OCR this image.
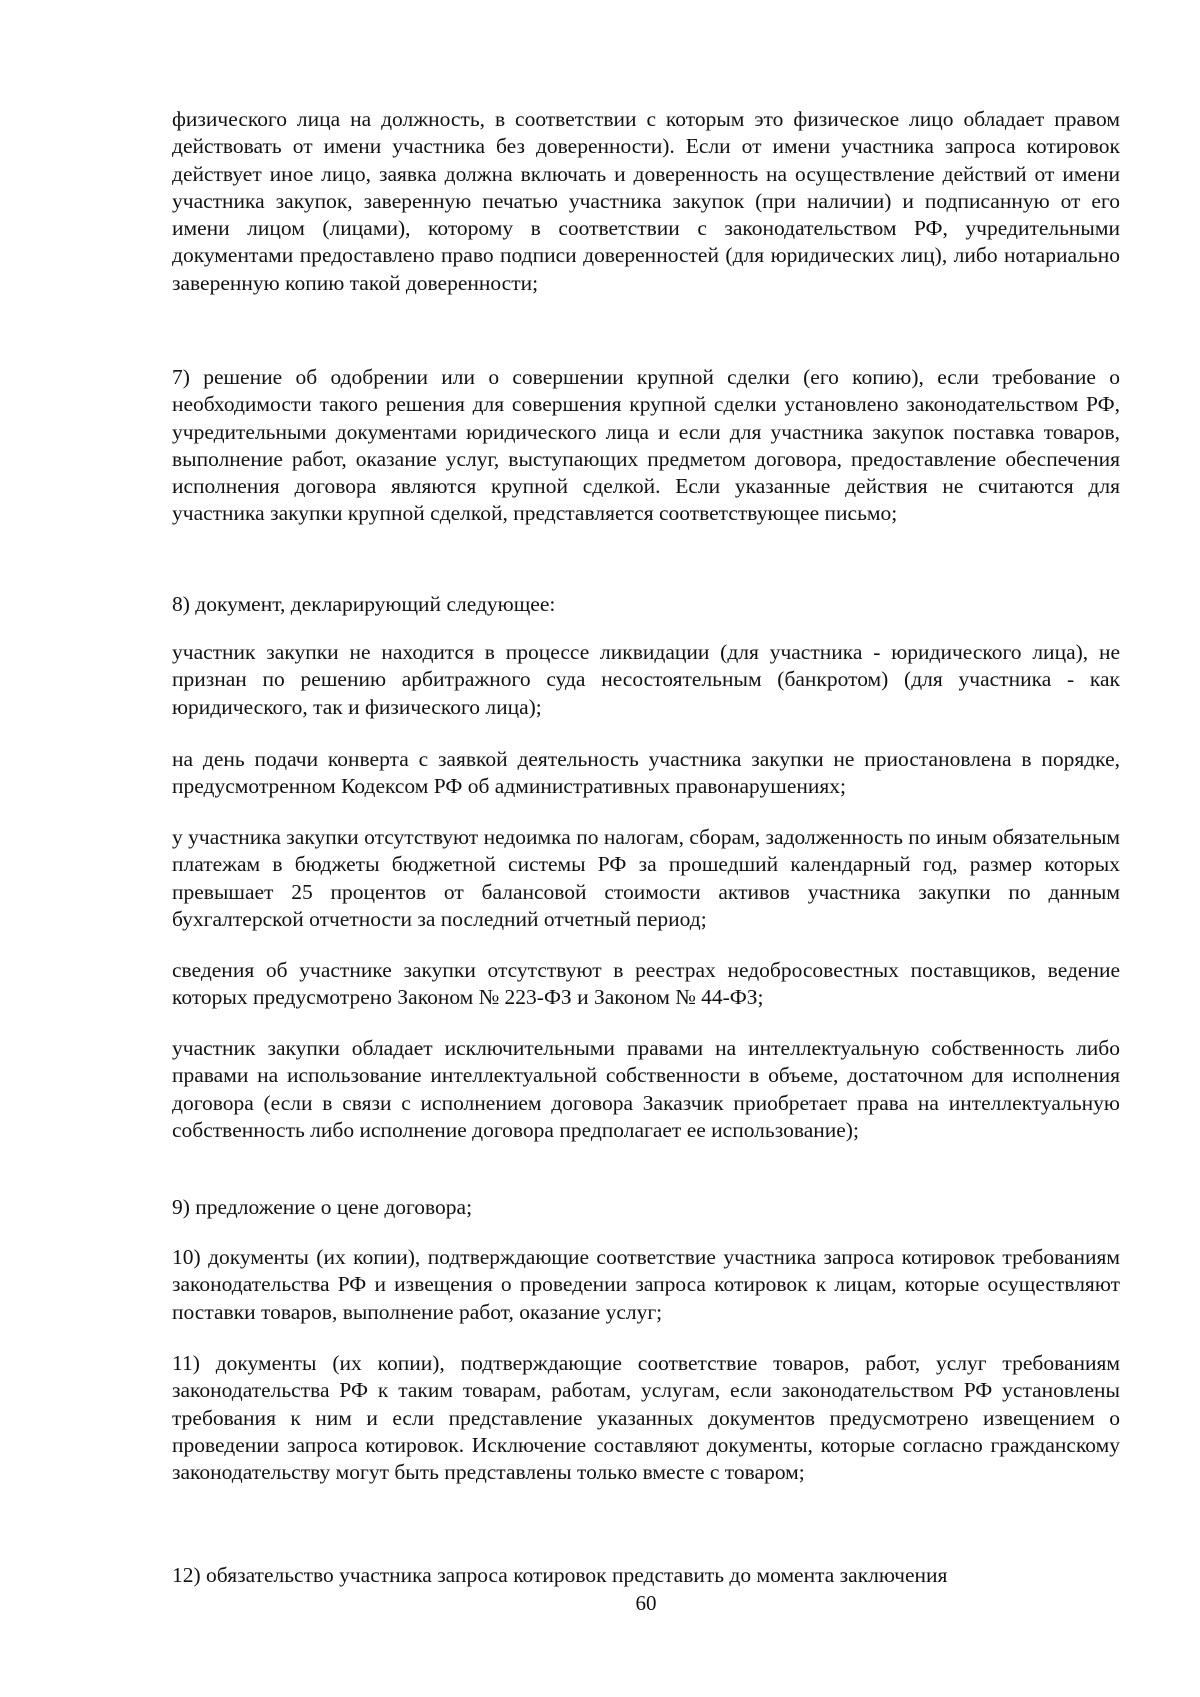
физического лица на должность, в соответствии с которым это физическое лицо обладает правом действовать от имени участника без доверенности). Если от имени участника запроса котировок действует иное лицо, заявка должна включать и доверенность на осуществление действий от имени участника закупок, заверенную печатью участника закупок (при наличии) и подписанную от его имени лицом (лицами), которому в соответствии с законодательством РФ, учредительными документами предоставлено право подписи доверенностей (для юридических лиц), либо нотариально заверенную копию такой доверенности;

7) решение об одобрении или о совершении крупной сделки (его копию), если требование о необходимости такого решения для совершения крупной сделки установлено законодательством РФ, учредительными документами юридического лица и если для участника закупок поставка товаров, выполнение работ, оказание услуг, выступающих предметом договора, предоставление обеспечения исполнения договора являются крупной сделкой. Если указанные действия не считаются для участника закупки крупной сделкой, представляется соответствующее письмо;

8) документ, декларирующий следующее:

участник закупки не находится в процессе ликвидации (для участника - юридического лица), не признан по решению арбитражного суда несостоятельным (банкротом) (для участника - как юридического, так и физического лица);

на день подачи конверта с заявкой деятельность участника закупки не приостановлена в порядке, предусмотренном Кодексом РФ об административных правонарушениях;

у участника закупки отсутствуют недоимка по налогам, сборам, задолженность по иным обязательным платежам в бюджеты бюджетной системы РФ за прошедший календарный год, размер которых превышает 25 процентов от балансовой стоимости активов участника закупки по данным бухгалтерской отчетности за последний отчетный период;

сведения об участнике закупки отсутствуют в реестрах недобросовестных поставщиков, ведение которых предусмотрено Законом № 223-ФЗ и Законом № 44-ФЗ;

участник закупки обладает исключительными правами на интеллектуальную собственность либо правами на использование интеллектуальной собственности в объеме, достаточном для исполнения договора (если в связи с исполнением договора Заказчик приобретает права на интеллектуальную собственность либо исполнение договора предполагает ее использование);

9) предложение о цене договора;

10) документы (их копии), подтверждающие соответствие участника запроса котировок требованиям законодательства РФ и извещения о проведении запроса котировок к лицам, которые осуществляют поставки товаров, выполнение работ, оказание услуг;

11) документы (их копии), подтверждающие соответствие товаров, работ, услуг требованиям законодательства РФ к таким товарам, работам, услугам, если законодательством РФ установлены требования к ним и если представление указанных документов предусмотрено извещением о проведении запроса котировок. Исключение составляют документы, которые согласно гражданскому законодательству могут быть представлены только вместе с товаром;

12) обязательство участника запроса котировок представить до момента заключения

60
